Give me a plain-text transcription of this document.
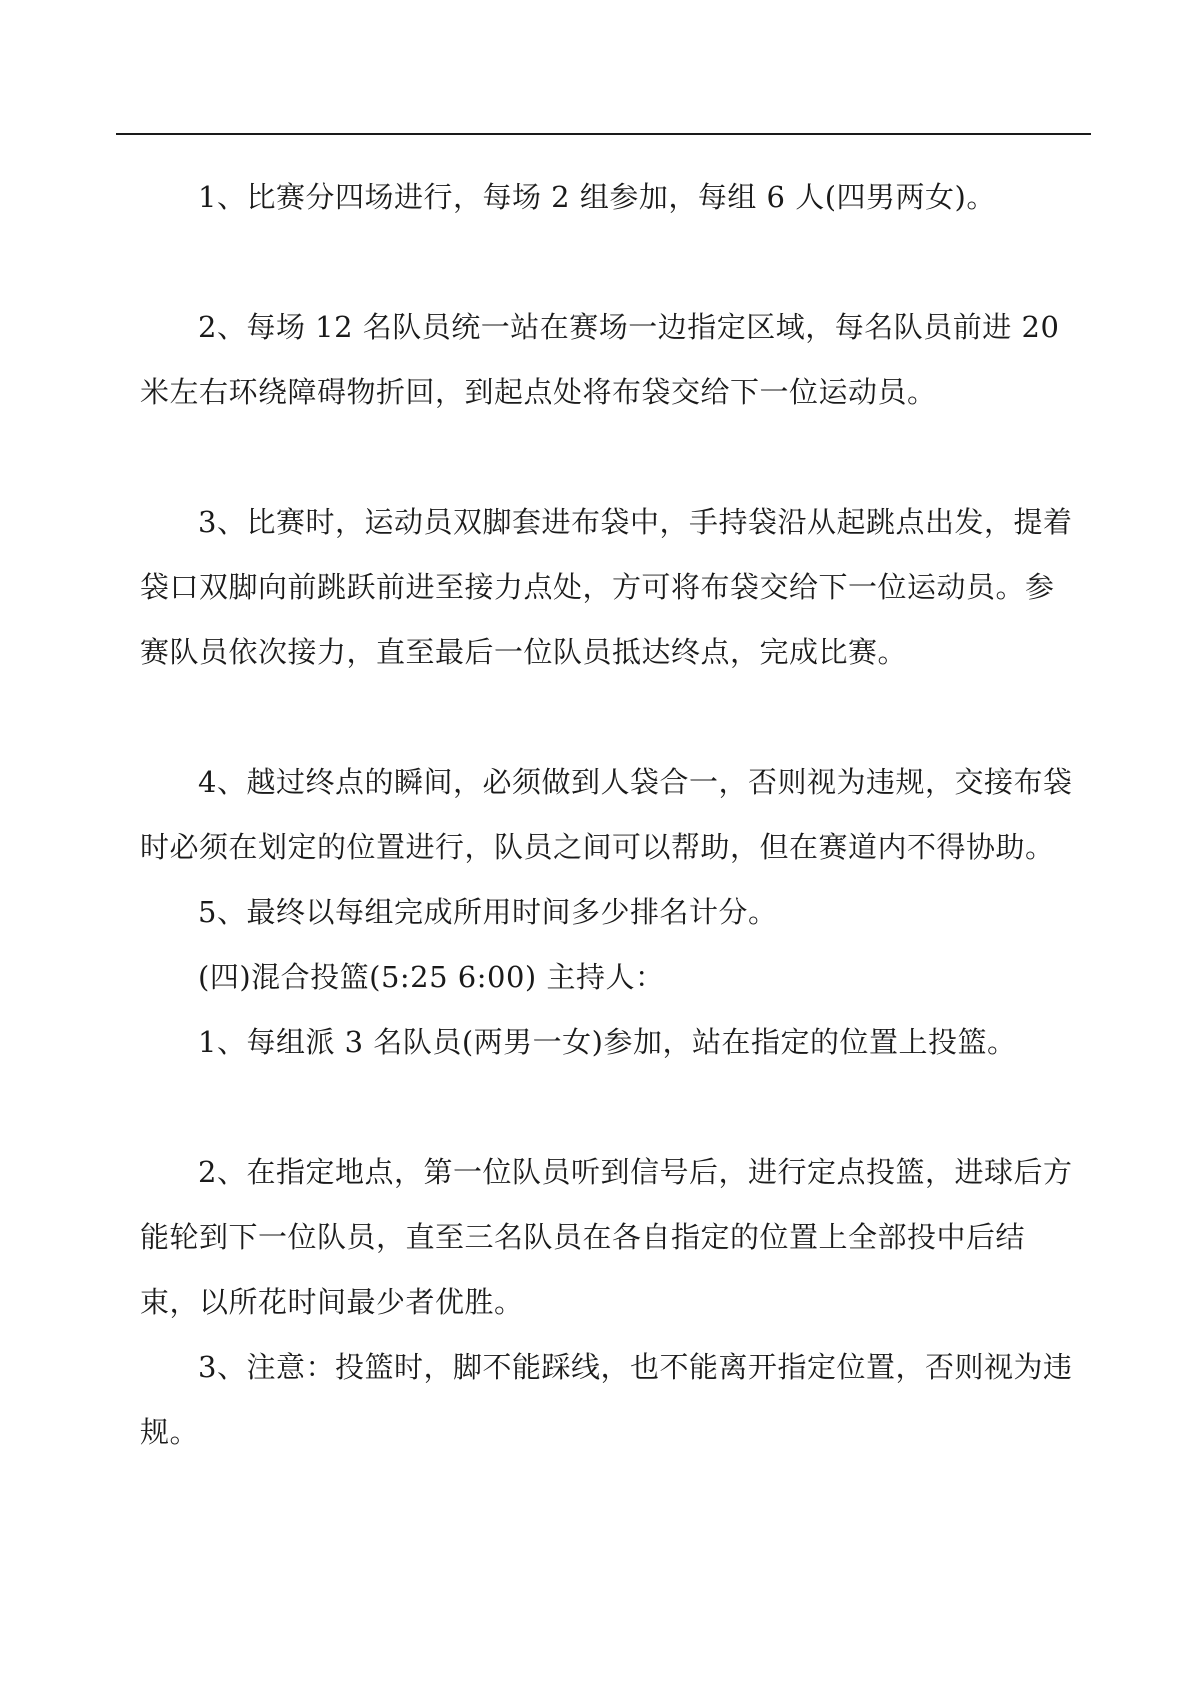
1、比赛分四场进行，每场 2 组参加，每组 6 人(四男两女)。

2、每场 12 名队员统一站在赛场一边指定区域，每名队员前进 20 米左右环绕障碍物折回，到起点处将布袋交给下一位运动员。

3、比赛时，运动员双脚套进布袋中，手持袋沿从起跳点出发，提着袋口双脚向前跳跃前进至接力点处，方可将布袋交给下一位运动员。参赛队员依次接力，直至最后一位队员抵达终点，完成比赛。

4、越过终点的瞬间，必须做到人袋合一，否则视为违规，交接布袋时必须在划定的位置进行，队员之间可以帮助，但在赛道内不得协助。

5、最终以每组完成所用时间多少排名计分。

(四)混合投篮(5:25 6:00) 主持人：

1、每组派 3 名队员(两男一女)参加，站在指定的位置上投篮。

2、在指定地点，第一位队员听到信号后，进行定点投篮，进球后方能轮到下一位队员，直至三名队员在各自指定的位置上全部投中后结束，以所花时间最少者优胜。

3、注意：投篮时，脚不能踩线，也不能离开指定位置，否则视为违规。
